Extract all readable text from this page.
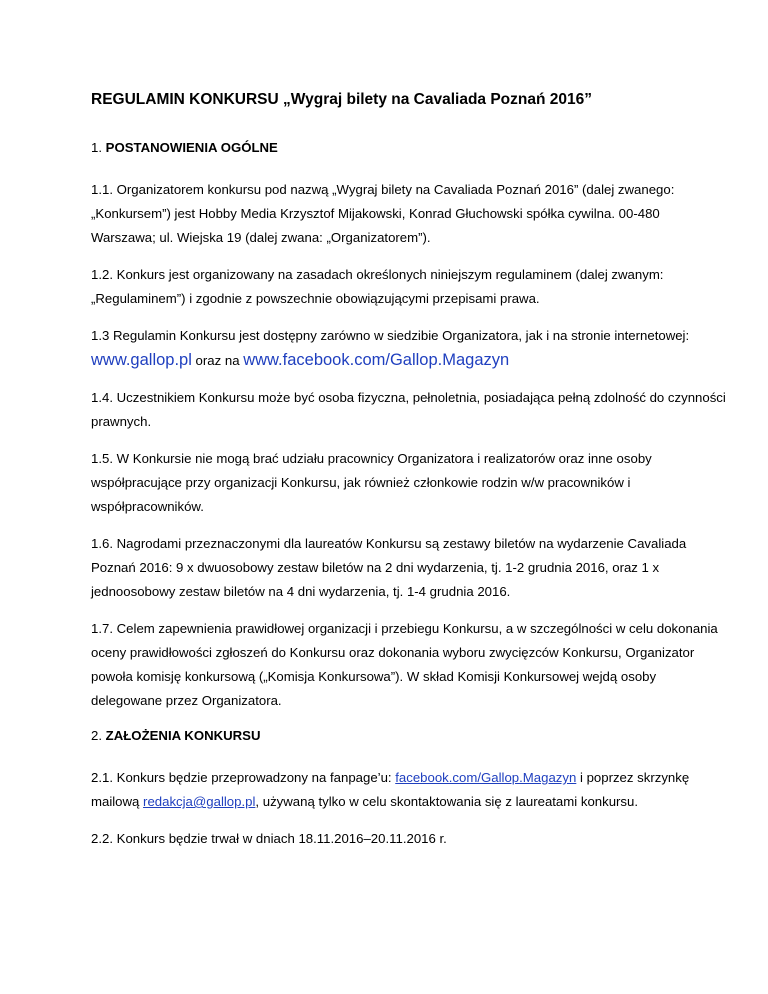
REGULAMIN KONKURSU „Wygraj bilety na Cavaliada Poznań 2016”
1. POSTANOWIENIA OGÓLNE

1.1. Organizatorem konkursu pod nazwą „Wygraj bilety na Cavaliada Poznań 2016” (dalej zwanego: „Konkursem”) jest Hobby Media Krzysztof Mijakowski, Konrad Głuchowski spółka cywilna. 00-480 Warszawa; ul. Wiejska 19 (dalej zwana: „Organizatorem”).

1.2. Konkurs jest organizowany na zasadach określonych niniejszym regulaminem (dalej zwanym: „Regulaminem”) i zgodnie z powszechnie obowiązującymi przepisami prawa.

1.3 Regulamin Konkursu jest dostępny zarówno w siedzibie Organizatora, jak i na stronie internetowej: www.gallop.pl oraz na www.facebook.com/Gallop.Magazyn

1.4. Uczestnikiem Konkursu może być osoba fizyczna, pełnoletnia, posiadająca pełną zdolność do czynności prawnych.

1.5. W Konkursie nie mogą brać udziału pracownicy Organizatora i realizatorów oraz inne osoby współpracujące przy organizacji Konkursu, jak również członkowie rodzin w/w pracowników i współpracowników.

1.6. Nagrodami przeznaczonymi dla laureatów Konkursu są zestawy biletów na wydarzenie Cavaliada Poznań 2016: 9 x dwuosobowy zestaw biletów na 2 dni wydarzenia, tj. 1-2 grudnia 2016, oraz 1 x jednoosobowy zestaw biletów na 4 dni wydarzenia, tj. 1-4 grudnia 2016.

1.7. Celem zapewnienia prawidłowej organizacji i przebiegu Konkursu, a w szczególności w celu dokonania oceny prawidłowości zgłoszeń do Konkursu oraz dokonania wyboru zwycięzców Konkursu, Organizator powoła komisję konkursową („Komisja Konkursowa”). W skład Komisji Konkursowej wejdą osoby delegowane przez Organizatora.

2. ZAŁOŻENIA KONKURSU

2.1. Konkurs będzie przeprowadzony na fanpage’u: facebook.com/Gallop.Magazyn i poprzez skrzynkę mailową redakcja@gallop.pl, używaną tylko w celu skontaktowania się z laureatami konkursu.

2.2. Konkurs będzie trwał w dniach 18.11.2016–20.11.2016 r.
